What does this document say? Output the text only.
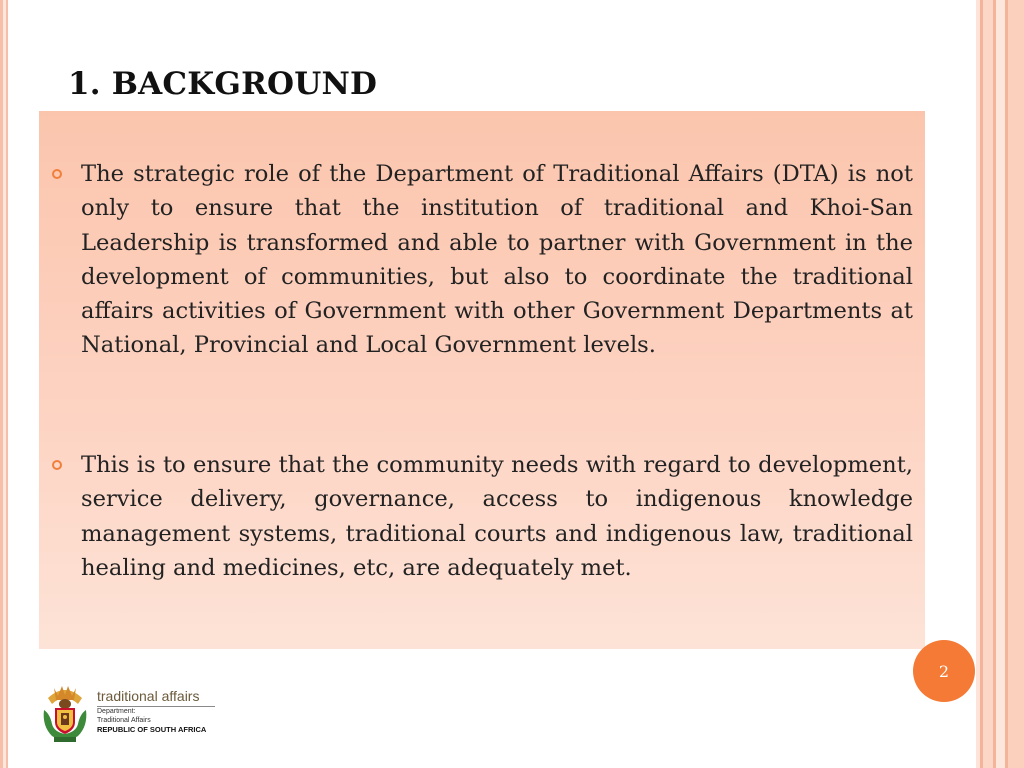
1. BACKGROUND
The strategic role of the Department of Traditional Affairs (DTA) is not only to ensure that the institution of traditional and Khoi-San Leadership is transformed and able to partner with Government in the development of communities, but also to coordinate the traditional affairs activities of Government with other Government Departments at National, Provincial and Local Government levels.
This is to ensure that the community needs with regard to development, service delivery, governance, access to indigenous knowledge management systems, traditional courts and indigenous law, traditional healing and medicines, etc, are adequately met.
2
traditional affairs
Department:
Traditional Affairs
REPUBLIC OF SOUTH AFRICA
